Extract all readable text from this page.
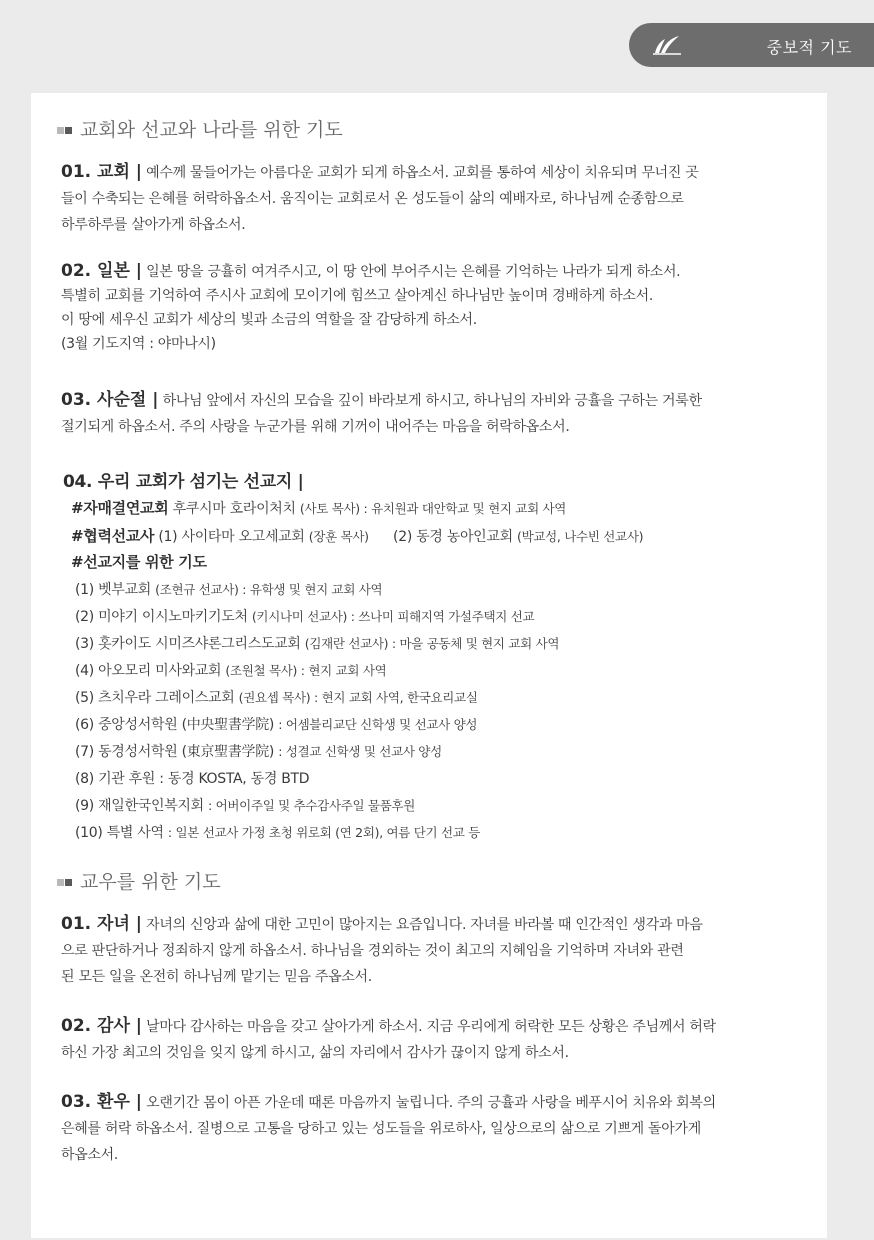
중보적 기도
교회와 선교와 나라를 위한 기도
01. 교회 | 예수께 물들어가는 아름다운 교회가 되게 하옵소서. 교회를 통하여 세상이 치유되며 무너진 곳
들이 수축되는 은혜를 허락하옵소서. 움직이는 교회로서 온 성도들이 삶의 예배자로, 하나님께 순종함으로
하루하루를 살아가게 하옵소서.
02. 일본 | 일본 땅을 긍휼히 여겨주시고, 이 땅 안에 부어주시는 은혜를 기억하는 나라가 되게 하소서.
특별히 교회를 기억하여 주시사 교회에 모이기에 힘쓰고 살아계신 하나님만 높이며 경배하게 하소서.
이 땅에 세우신 교회가 세상의 빛과 소금의 역할을 잘 감당하게 하소서.
(3월 기도지역 : 야마나시)
03. 사순절 | 하나님 앞에서 자신의 모습을 깊이 바라보게 하시고, 하나님의 자비와 긍휼을 구하는 거룩한
절기되게 하옵소서. 주의 사랑을 누군가를 위해 기꺼이 내어주는 마음을 허락하옵소서.
04. 우리 교회가 섬기는 선교지 |
#자매결연교회 후쿠시마 호라이처치 (사토 목사) : 유치원과 대안학교 및 현지 교회 사역
#협력선교사 (1) 사이타마 오고세교회 (장훈 목사) (2) 동경 농아인교회 (박교성, 나수빈 선교사)
#선교지를 위한 기도
(1) 벳부교회 (조현규 선교사) : 유학생 및 현지 교회 사역
(2) 미야기 이시노마키기도처 (키시나미 선교사) : 쓰나미 피해지역 가설주택지 선교
(3) 홋카이도 시미즈샤론그리스도교회 (김재란 선교사) : 마을 공동체 및 현지 교회 사역
(4) 아오모리 미사와교회 (조원철 목사) : 현지 교회 사역
(5) 츠치우라 그레이스교회 (권요셉 목사) : 현지 교회 사역, 한국요리교실
(6) 중앙성서학원 (中央聖書学院) : 어셈블리교단 신학생 및 선교사 양성
(7) 동경성서학원 (東京聖書学院) : 성결교 신학생 및 선교사 양성
(8) 기관 후원 : 동경 KOSTA, 동경 BTD
(9) 재일한국인복지회 : 어버이주일 및 추수감사주일 물품후원
(10) 특별 사역 : 일본 선교사 가정 초청 위로회 (연 2회), 여름 단기 선교 등
교우를 위한 기도
01. 자녀 | 자녀의 신앙과 삶에 대한 고민이 많아지는 요즘입니다. 자녀를 바라볼 때 인간적인 생각과 마음
으로 판단하거나 정죄하지 않게 하옵소서. 하나님을 경외하는 것이 최고의 지혜임을 기억하며 자녀와 관련
된 모든 일을 온전히 하나님께 맡기는 믿음 주옵소서.
02. 감사 | 날마다 감사하는 마음을 갖고 살아가게 하소서. 지금 우리에게 허락한 모든 상황은 주님께서 허락
하신 가장 최고의 것임을 잊지 않게 하시고, 삶의 자리에서 감사가 끊이지 않게 하소서.
03. 환우 | 오랜기간 몸이 아픈 가운데 때론 마음까지 눌립니다. 주의 긍휼과 사랑을 베푸시어 치유와 회복의
은혜를 허락 하옵소서. 질병으로 고통을 당하고 있는 성도들을 위로하사, 일상으로의 삶으로 기쁘게 돌아가게
하옵소서.
